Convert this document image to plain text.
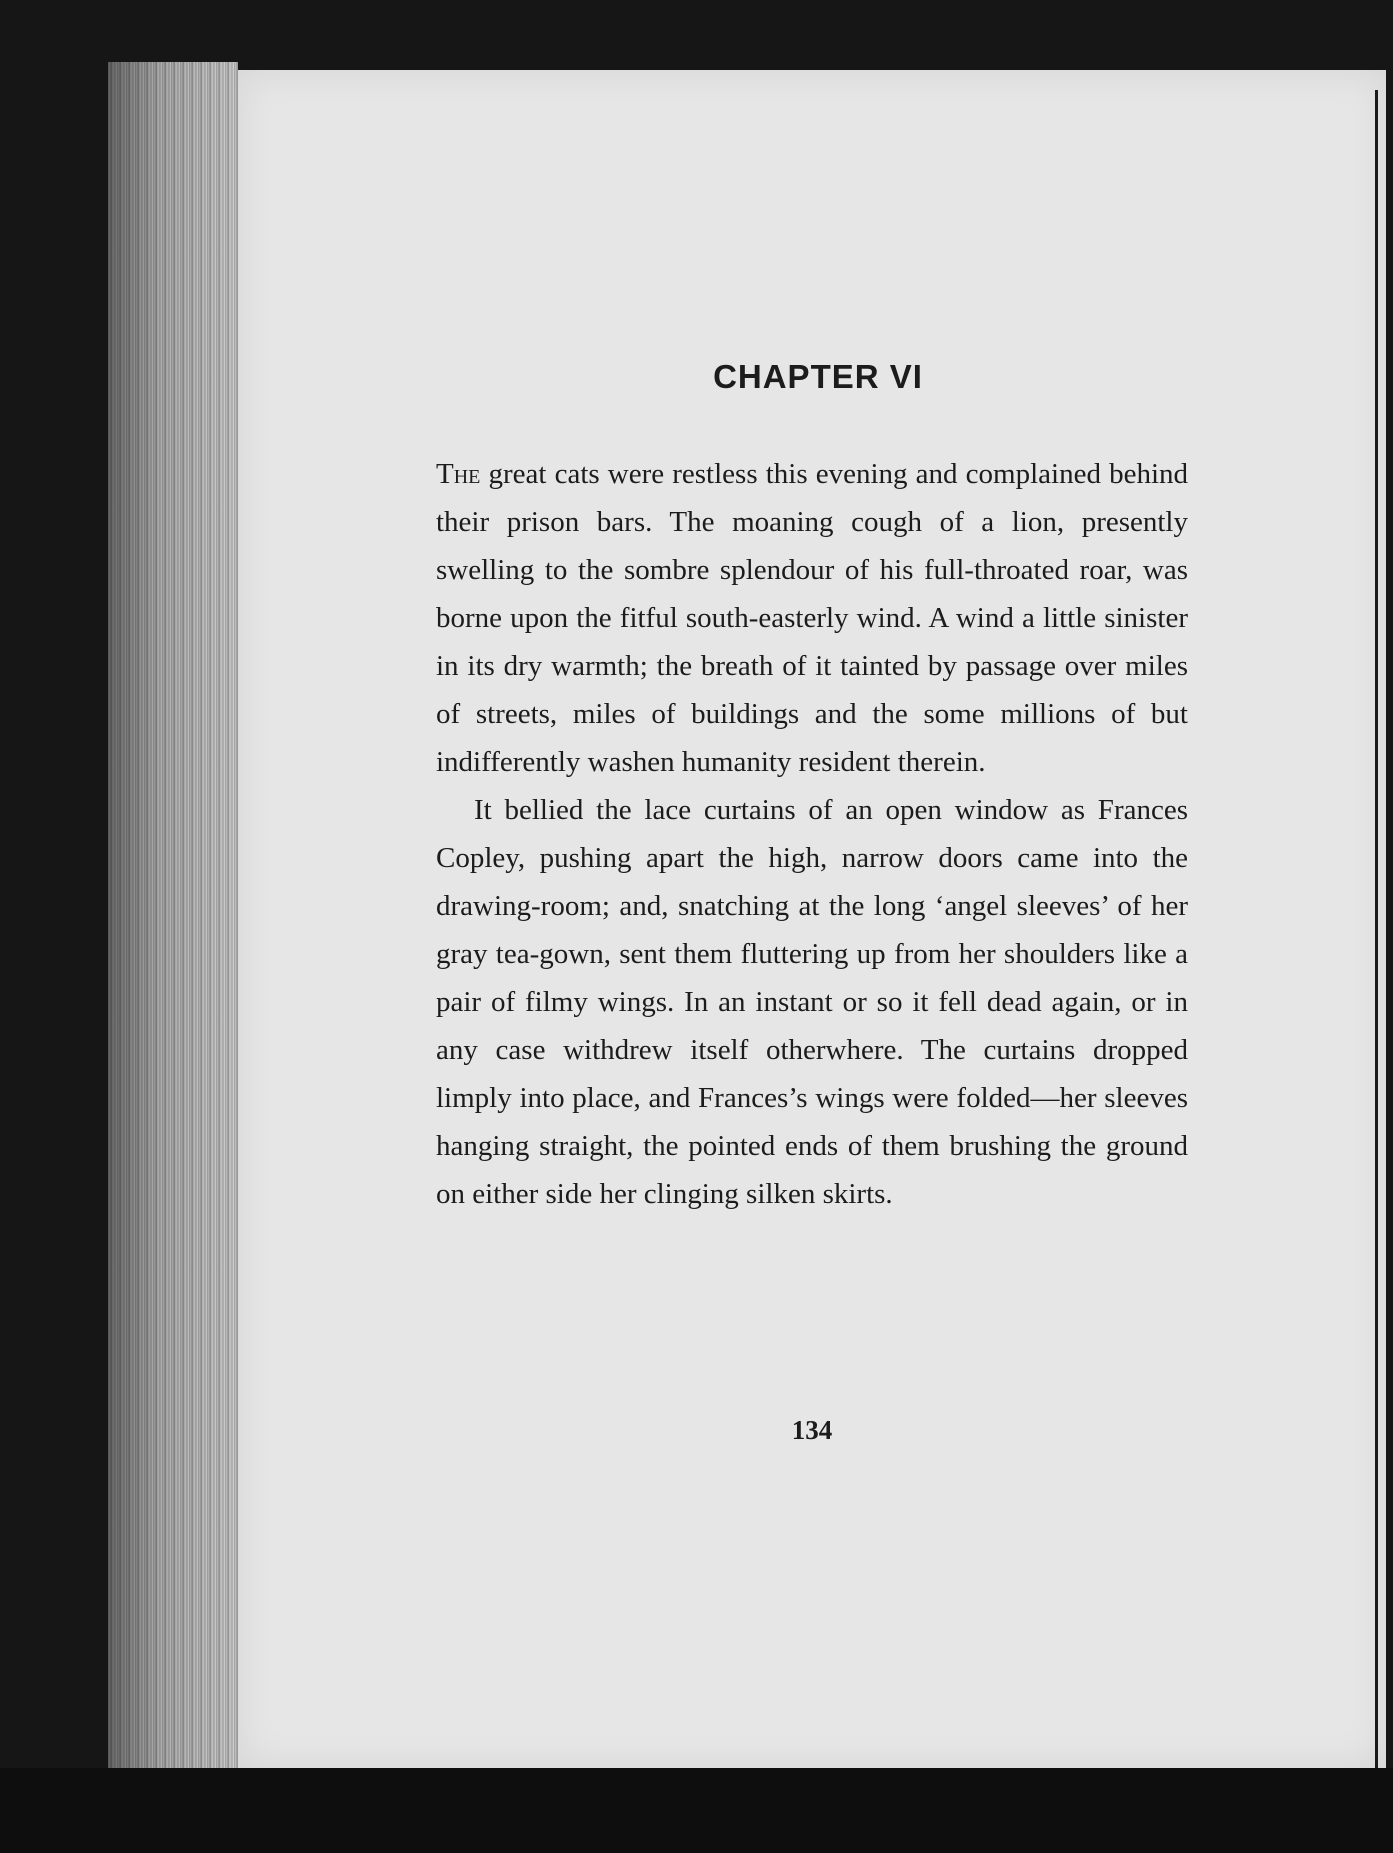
CHAPTER VI

The great cats were restless this evening and complained behind their prison bars. The moaning cough of a lion, presently swelling to the sombre splendour of his full-throated roar, was borne upon the fitful south-easterly wind. A wind a little sinister in its dry warmth; the breath of it tainted by passage over miles of streets, miles of buildings and the some millions of but indifferently washen humanity resident therein.

It bellied the lace curtains of an open window as Frances Copley, pushing apart the high, narrow doors came into the drawing-room; and, snatching at the long ‘angel sleeves’ of her gray tea-gown, sent them fluttering up from her shoulders like a pair of filmy wings. In an instant or so it fell dead again, or in any case withdrew itself otherwhere. The curtains dropped limply into place, and Frances’s wings were folded—her sleeves hanging straight, the pointed ends of them brushing the ground on either side her clinging silken skirts.

134
